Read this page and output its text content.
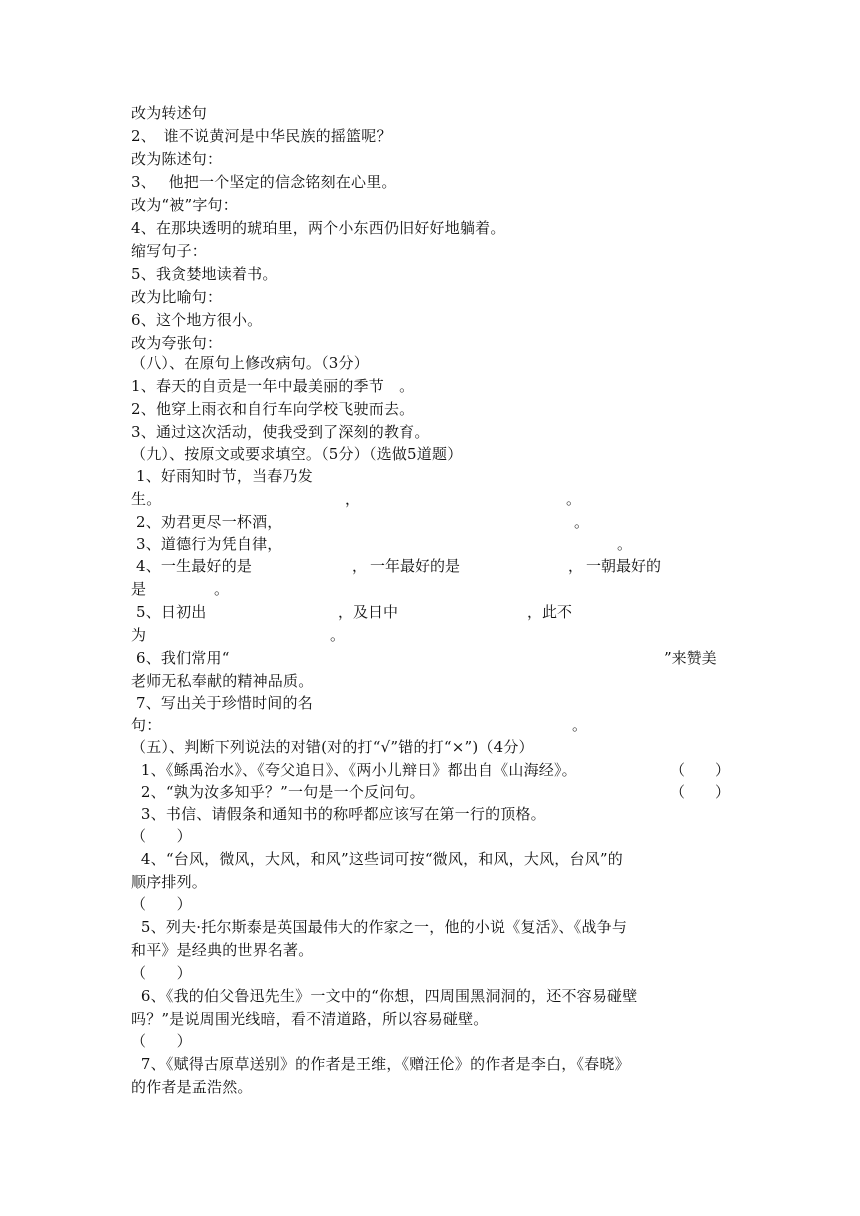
改为转述句
2、　谁不说黄河是中华民族的摇篮呢？
改为陈述句：
3、　 他把一个坚定的信念铭刻在心里。
改为“被”字句：
4、在那块透明的琥珀里，两个小东西仍旧好好地躺着。
缩写句子：
5、我贪婪地读着书。
改为比喻句：
6、这个地方很小。
改为夸张句：
（八）、在原句上修改病句。（3分）
1、春天的自贡是一年中最美丽的季节　。
2、他穿上雨衣和自行车向学校飞驶而去。
3、通过这次活动，使我受到了深刻的教育。
（九）、按原文或要求填空。（5分）（选做5道题）
1、好雨知时节，当春乃发
生。	，	。
2、劝君更尽一杯酒，	。
3、道德行为凭自律，	。
4、一生最好的是	， 一年最好的是	， 一朝最好的
是	。
5、日初出	，及日中	，此不
为	。
6、我们常用“	”来赞美
老师无私奉献的精神品质。
7、写出关于珍惜时间的名
句：	。
（五）、判断下列说法的对错(对的打“√”错的打“×”)（4分）
1、《鲧禹治水》、《夸父追日》、《两小儿辩日》都出自《山海经》。	（　　）
2、“孰为汝多知乎？”一句是一个反问句。	（　　）
3、书信、请假条和通知书的称呼都应该写在第一行的顶格。
（　　）
4、“台风，微风，大风，和风”这些词可按“微风，和风，大风，台风”的
顺序排列。
（　　）
5、列夫·托尔斯泰是英国最伟大的作家之一，他的小说《复活》、《战争与
和平》是经典的世界名著。
（　　）
6、《我的伯父鲁迅先生》一文中的“你想，四周围黑洞洞的，还不容易碰壁
吗？”是说周围光线暗，看不清道路，所以容易碰壁。
（　　）
7、《赋得古原草送别》的作者是王维，《赠汪伦》的作者是李白，《春晓》
的作者是孟浩然。
